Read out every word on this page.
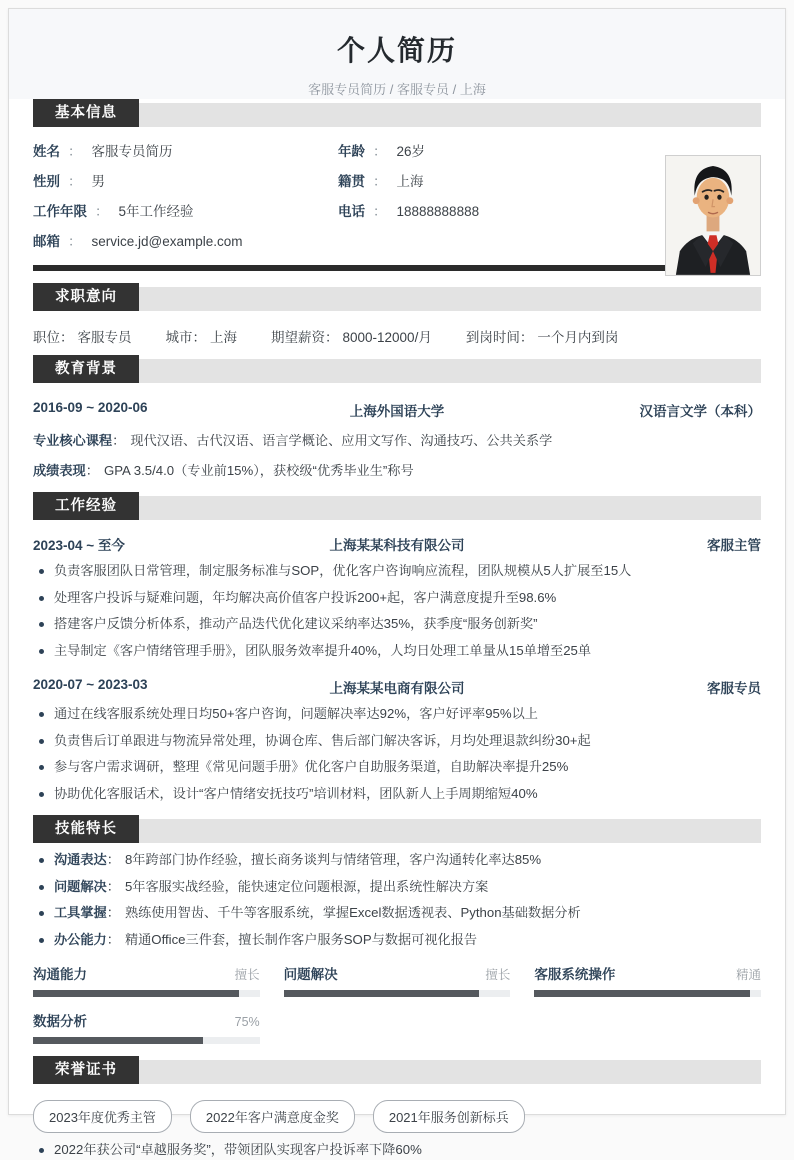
个人简历
客服专员简历 / 客服专员 / 上海
基本信息
姓名 ： 客服专员简历	年龄 ： 26岁
性别 ： 男	籍贯 ： 上海
工作年限 ： 5年工作经验	电话 ： 18888888888
邮箱 ： service.jd@example.com
求职意向
职位： 客服专员	城市： 上海	期望薪资： 8000-12000/月	到岗时间： 一个月内到岗
教育背景
2016-09 ~ 2020-06	上海外国语大学	汉语言文学（本科）
专业核心课程： 现代汉语、古代汉语、语言学概论、应用文写作、沟通技巧、公共关系学
成绩表现： GPA 3.5/4.0（专业前15%），获校级“优秀毕业生”称号
工作经验
2023-04 ~ 至今	上海某某科技有限公司	客服主管
负责客服团队日常管理，制定服务标准与SOP，优化客户咨询响应流程，团队规模从5人扩展至15人
处理客户投诉与疑难问题，年均解决高价值客户投诉200+起，客户满意度提升至98.6%
搭建客户反馈分析体系，推动产品迭代优化建议采纳率达35%，获季度“服务创新奖”
主导制定《客户情绪管理手册》，团队服务效率提升40%，人均日处理工单量从15单增至25单
2020-07 ~ 2023-03	上海某某电商有限公司	客服专员
通过在线客服系统处理日均50+客户咨询，问题解决率达92%，客户好评率95%以上
负责售后订单跟进与物流异常处理，协调仓库、售后部门解决客诉，月均处理退款纠纷30+起
参与客户需求调研，整理《常见问题手册》优化客户自助服务渠道，自助解决率提升25%
协助优化客服话术，设计“客户情绪安抚技巧”培训材料，团队新人上手周期缩短40%
技能特长
沟通表达： 8年跨部门协作经验，擅长商务谈判与情绪管理，客户沟通转化率达85%
问题解决： 5年客服实战经验，能快速定位问题根源，提出系统性解决方案
工具掌握： 熟练使用智齿、千牛等客服系统，掌握Excel数据透视表、Python基础数据分析
办公能力： 精通Office三件套，擅长制作客户服务SOP与数据可视化报告
沟通能力	擅长 问题解决	擅长 客服系统操作	精通
数据分析	75%
荣誉证书
2023年度优秀主管	2022年客户满意度金奖	2021年服务创新标兵
2022年获公司“卓越服务奖”，带领团队实现客户投诉率下降60%
